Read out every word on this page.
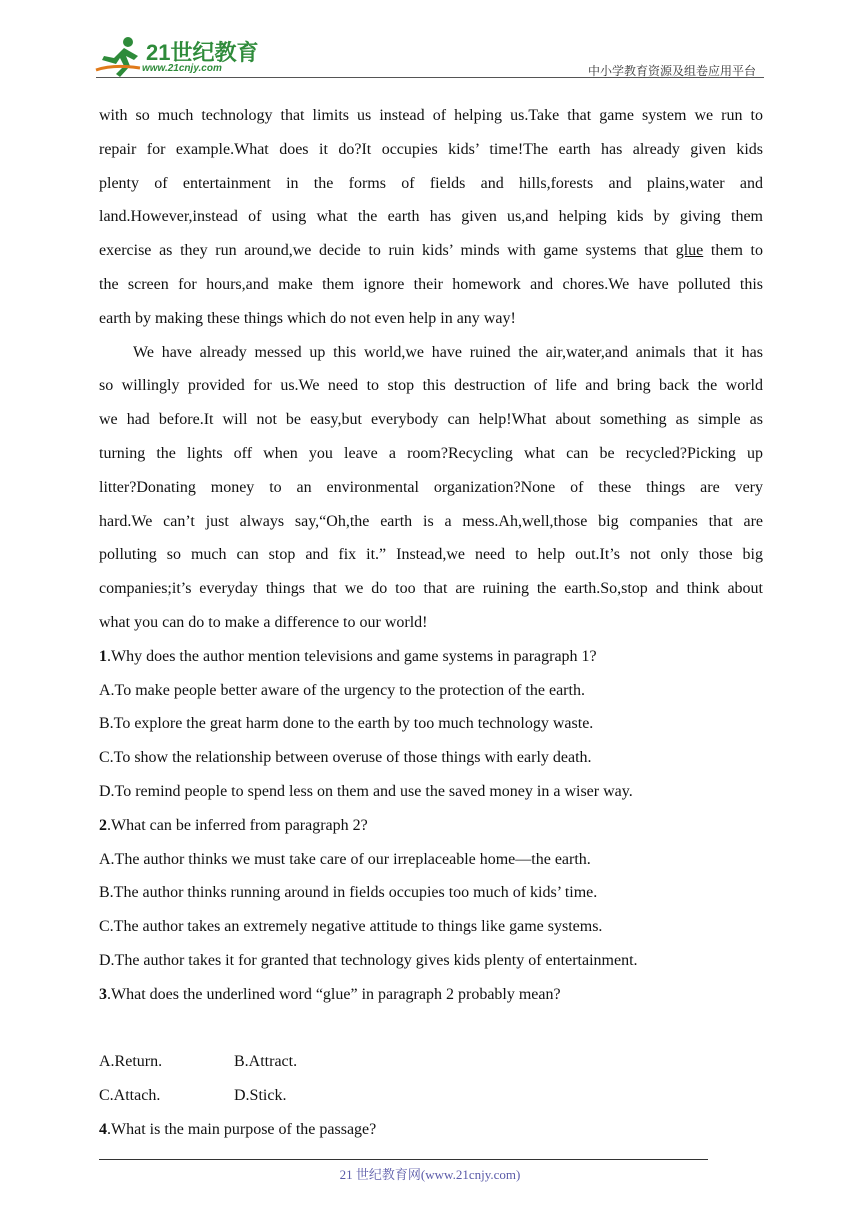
21世纪教育
www.21cnjy.com	中小学教育资源及组卷应用平台
with so much technology that limits us instead of helping us.Take that game system we run to
repair for example.What does it do?It occupies kids’ time!The earth has already given kids
plenty of entertainment in the forms of fields and hills,forests and plains,water and
land.However,instead of using what the earth has given us,and helping kids by giving them
exercise as they run around,we decide to ruin kids’ minds with game systems that glue them to
the screen for hours,and make them ignore their homework and chores.We have polluted this
earth by making these things which do not even help in any way!
We have already messed up this world,we have ruined the air,water,and animals that it has
so willingly provided for us.We need to stop this destruction of life and bring back the world
we had before.It will not be easy,but everybody can help!What about something as simple as
turning the lights off when you leave a room?Recycling what can be recycled?Picking up
litter?Donating money to an environmental organization?None of these things are very
hard.We can’t just always say,“Oh,the earth is a mess.Ah,well,those big companies that are
polluting so much can stop and fix it.” Instead,we need to help out.It’s not only those big
companies;it’s everyday things that we do too that are ruining the earth.So,stop and think about
what you can do to make a difference to our world!

1.Why does the author mention televisions and game systems in paragraph 1?

A.To make people better aware of the urgency to the protection of the earth.

B.To explore the great harm done to the earth by too much technology waste.

C.To show the relationship between overuse of those things with early death.

D.To remind people to spend less on them and use the saved money in a wiser way.

2.What can be inferred from paragraph 2?

A.The author thinks we must take care of our irreplaceable home—the earth.

B.The author thinks running around in fields occupies too much of kids’ time.

C.The author takes an extremely negative attitude to things like game systems.

D.The author takes it for granted that technology gives kids plenty of entertainment.

3.What does the underlined word “glue” in paragraph 2 probably mean?

A.Return.	B.Attract.
C.Attach.	D.Stick.

4.What is the main purpose of the passage?

21 世纪教育网(www.21cnjy.com)
